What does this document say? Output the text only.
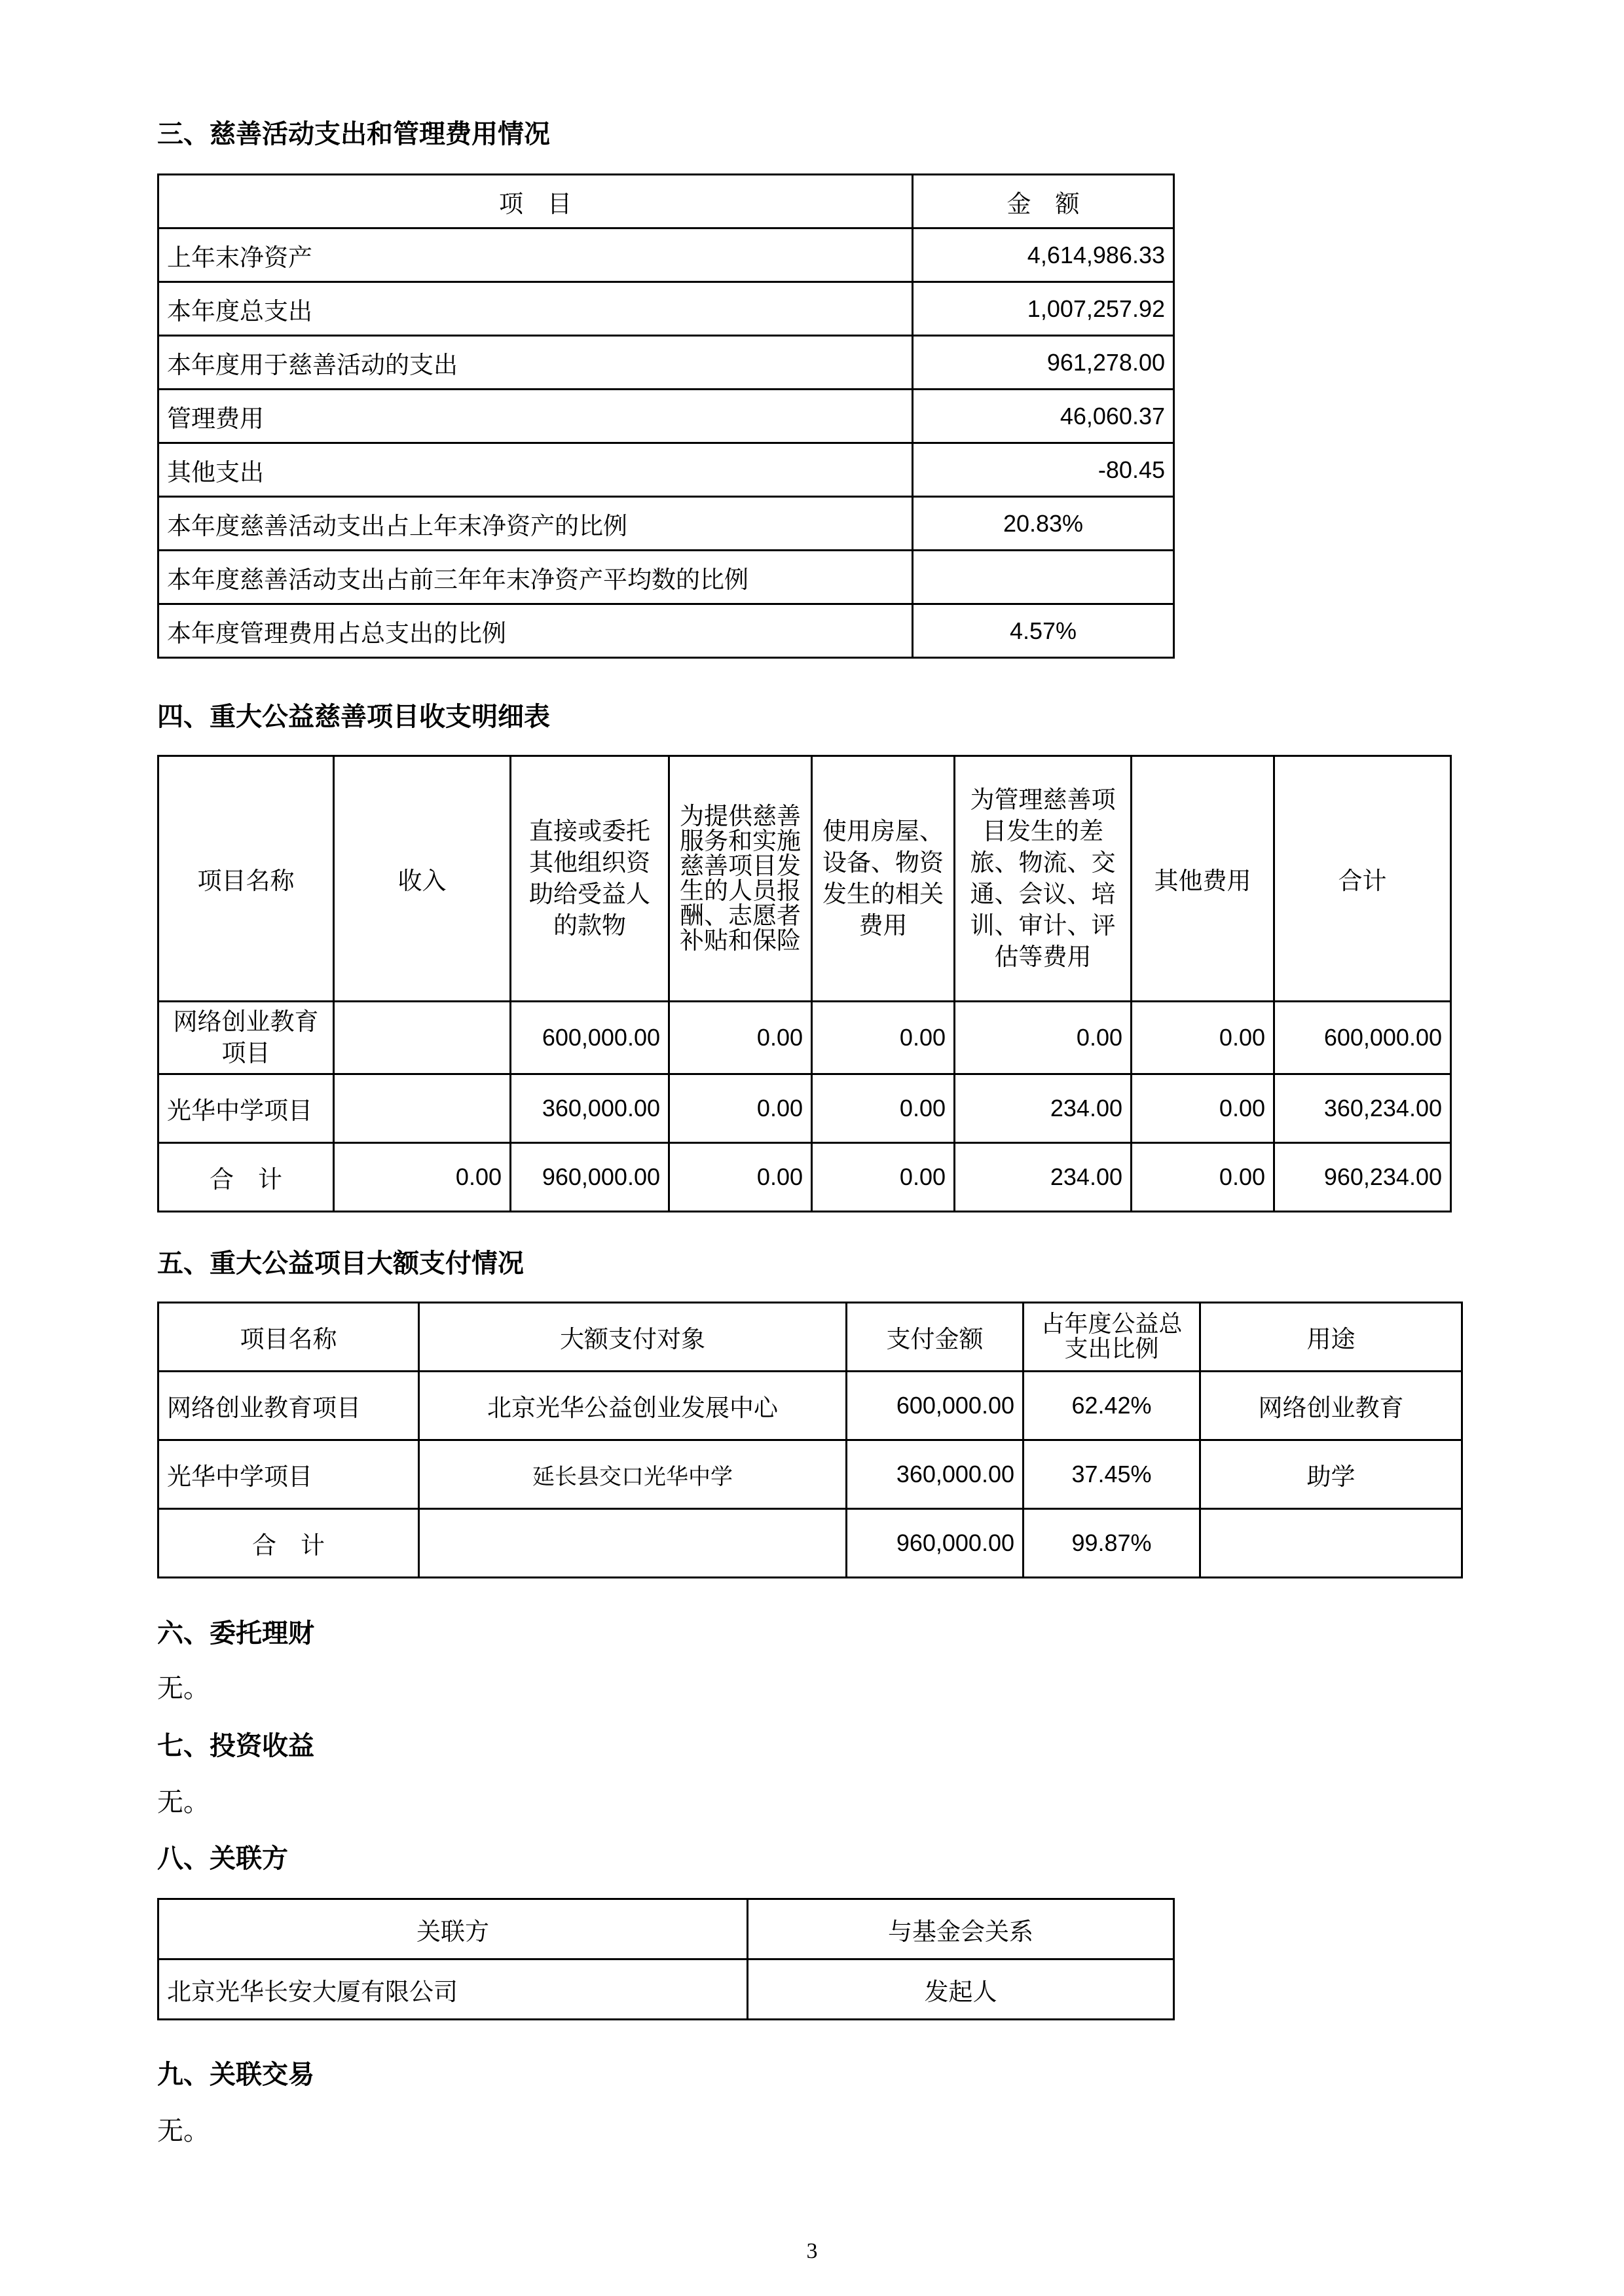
三、慈善活动支出和管理费用情况
项　目	金　额
上年末净资产	4,614,986.33
本年度总支出	1,007,257.92
本年度用于慈善活动的支出	961,278.00
管理费用	46,060.37
其他支出	-80.45
本年度慈善活动支出占上年末净资产的比例	20.83%
本年度慈善活动支出占前三年年末净资产平均数的比例	
本年度管理费用占总支出的比例	4.57%
四、重大公益慈善项目收支明细表
项目名称	收入	直接或委托其他组织资助给受益人的款物	为提供慈善服务和实施慈善项目发生的人员报酬、志愿者补贴和保险	使用房屋、设备、物资发生的相关费用	为管理慈善项目发生的差旅、物流、交通、会议、培训、审计、评估等费用	其他费用	合计
网络创业教育项目		600,000.00	0.00	0.00	0.00	0.00	600,000.00
光华中学项目		360,000.00	0.00	0.00	234.00	0.00	360,234.00
合　计	0.00	960,000.00	0.00	0.00	234.00	0.00	960,234.00
五、重大公益项目大额支付情况
项目名称	大额支付对象	支付金额	占年度公益总支出比例	用途
网络创业教育项目	北京光华公益创业发展中心	600,000.00	62.42%	网络创业教育
光华中学项目	延长县交口光华中学	360,000.00	37.45%	助学
合　计		960,000.00	99.87%	
六、委托理财
无。
七、投资收益
无。
八、关联方
关联方	与基金会关系
北京光华长安大厦有限公司	发起人
九、关联交易
无。
3
